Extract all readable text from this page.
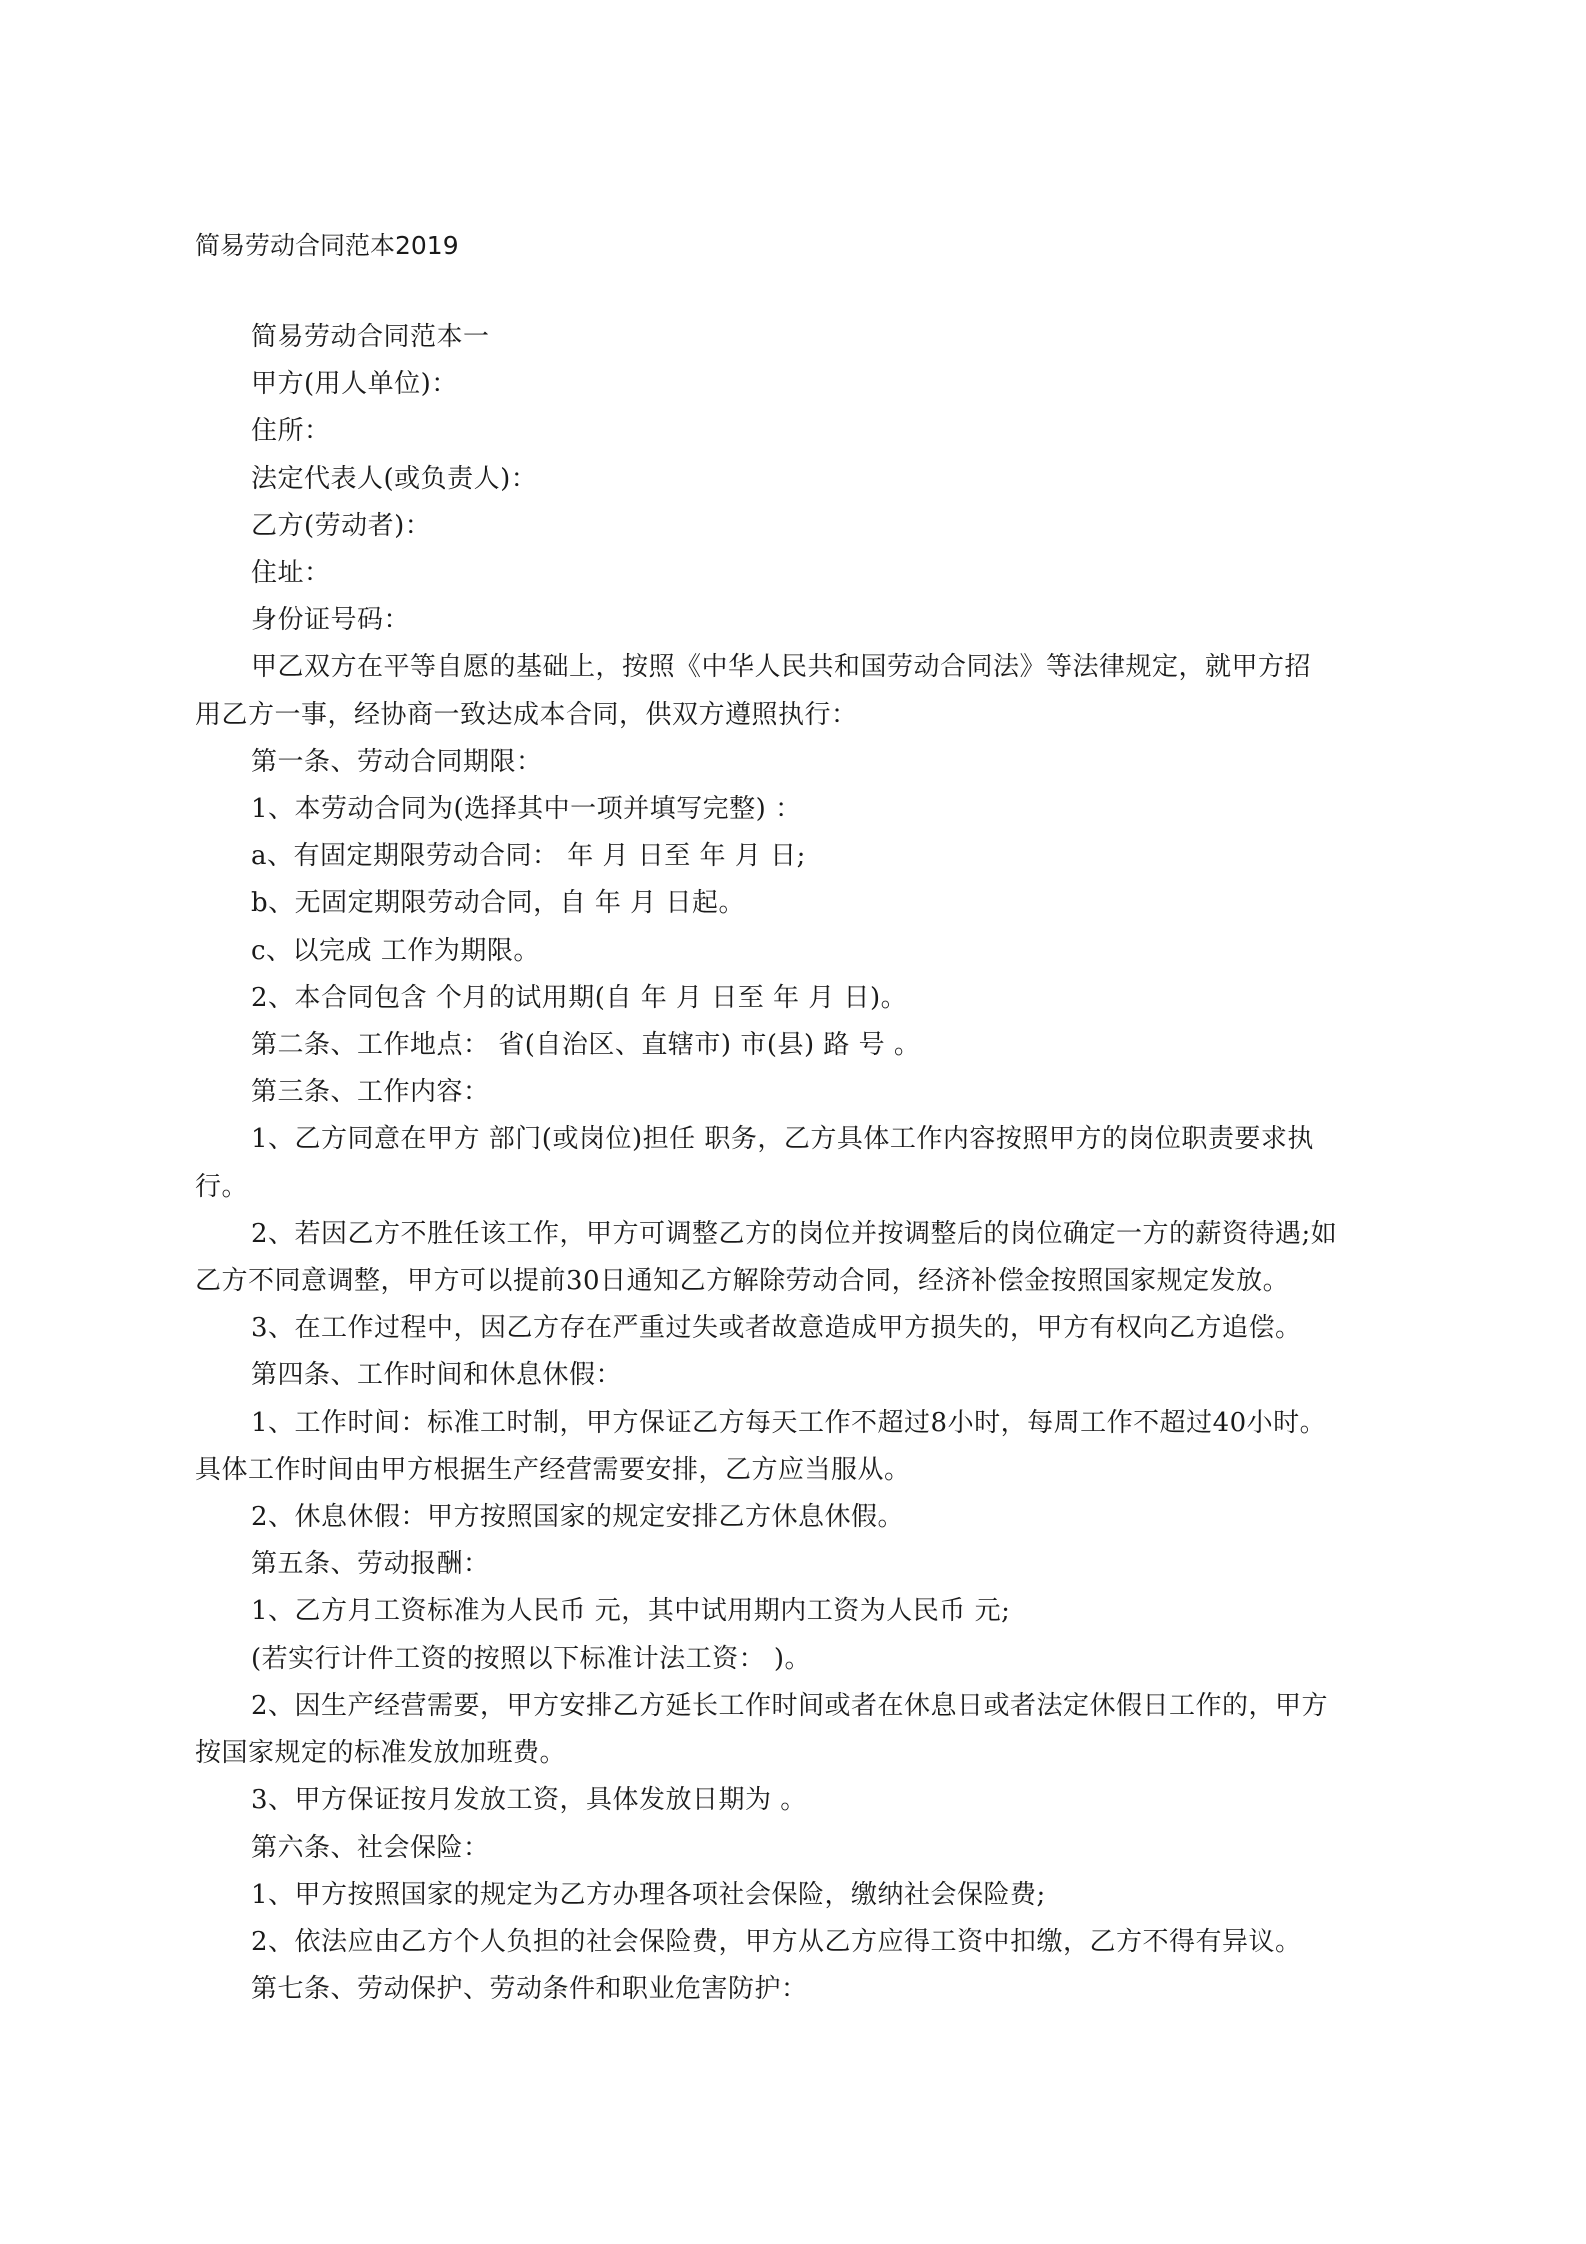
简易劳动合同范本2019

简易劳动合同范本一

甲方(用人单位)：

住所：

法定代表人(或负责人)：

乙方(劳动者)：

住址：

身份证号码：

甲乙双方在平等自愿的基础上，按照《中华人民共和国劳动合同法》等法律规定，就甲方招

用乙方一事，经协商一致达成本合同，供双方遵照执行：

第一条、劳动合同期限：

1、本劳动合同为(选择其中一项并填写完整) ：

a、有固定期限劳动合同： 年 月 日至 年 月 日;

b、无固定期限劳动合同，自 年 月 日起。

c、以完成 工作为期限。

2、本合同包含 个月的试用期(自 年 月 日至 年 月 日)。

第二条、工作地点： 省(自治区、直辖市) 市(县) 路 号 。

第三条、工作内容：

1、乙方同意在甲方 部门(或岗位)担任 职务，乙方具体工作内容按照甲方的岗位职责要求执

行。

2、若因乙方不胜任该工作，甲方可调整乙方的岗位并按调整后的岗位确定一方的薪资待遇;如

乙方不同意调整，甲方可以提前30日通知乙方解除劳动合同，经济补偿金按照国家规定发放。

3、在工作过程中，因乙方存在严重过失或者故意造成甲方损失的，甲方有权向乙方追偿。

第四条、工作时间和休息休假：

1、工作时间：标准工时制，甲方保证乙方每天工作不超过8小时，每周工作不超过40小时。

具体工作时间由甲方根据生产经营需要安排，乙方应当服从。

2、休息休假：甲方按照国家的规定安排乙方休息休假。

第五条、劳动报酬：

1、乙方月工资标准为人民币 元，其中试用期内工资为人民币 元;

(若实行计件工资的按照以下标准计法工资： )。

2、因生产经营需要，甲方安排乙方延长工作时间或者在休息日或者法定休假日工作的，甲方

按国家规定的标准发放加班费。

3、甲方保证按月发放工资，具体发放日期为 。

第六条、社会保险：

1、甲方按照国家的规定为乙方办理各项社会保险，缴纳社会保险费;

2、依法应由乙方个人负担的社会保险费，甲方从乙方应得工资中扣缴，乙方不得有异议。

第七条、劳动保护、劳动条件和职业危害防护：
